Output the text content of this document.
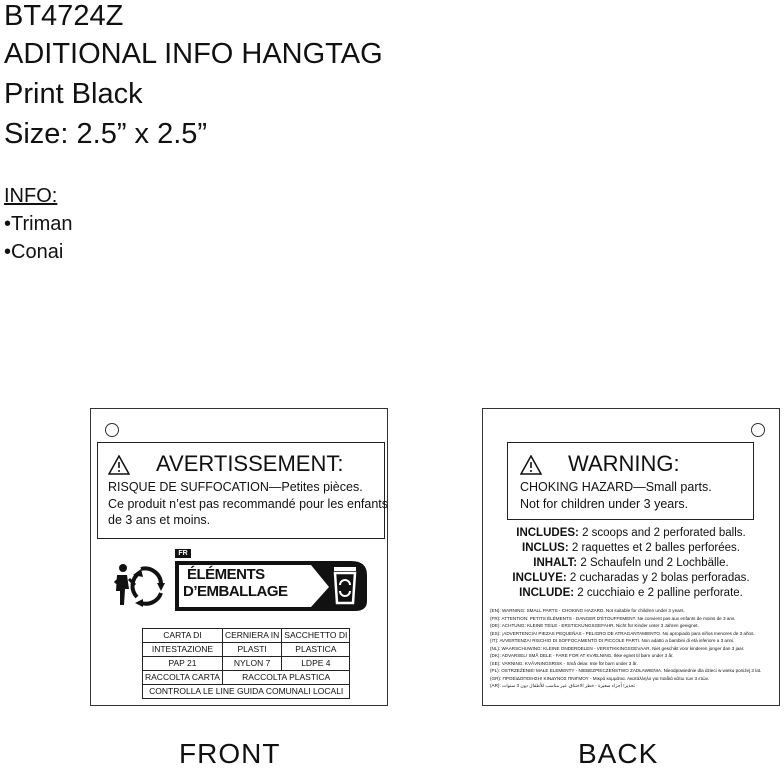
BT4724Z
ADITIONAL INFO HANGTAG
Print Black
Size: 2.5” x 2.5”
INFO:
•Triman
•Conai
AVERTISSEMENT:
RISQUE DE SUFFOCATION—Petites pièces.
Ce produit n’est pas recommandé pour les enfants
de 3 ans et moins.
FR
ÉLÉMENTS
D’EMBALLAGE
CARTA DI	CERNIERA IN	SACCHETTO DI
INTESTAZIONE	PLASTI	PLASTICA
PAP 21	NYLON 7	LDPE 4
RACCOLTA CARTA	RACCOLTA PLASTICA	
CONTROLLA LE LINE GUIDA COMUNALI LOCALI		
WARNING:
CHOKING HAZARD—Small parts.
Not for children under 3 years.
INCLUDES: 2 scoops and 2 perforated balls.
INCLUS: 2 raquettes et 2 balles perforées.
INHALT: 2 Schaufeln und 2 Lochbälle.
INCLUYE: 2 cucharadas y 2 bolas perforadas.
INCLUDE: 2 cucchiaio e 2 palline perforate.
(EN): WARNING: SMALL PARTS - CHOKING HAZARD. Not suitable for children under 3 years.
(FR): ATTENTION: PETITS ÉLÉMENTS - DANGER D'ÉTOUFFEMENT. Ne convient pas aux enfants de moins de 3 ans.
(DE): ACHTUNG: KLEINE TEILE - ERSTICKUNGSGEFAHR. Nicht für Kinder unter 3 Jahren geeignet.
(ES): ¡ADVERTENCIA! PIEZAS PEQUEÑAS - PELIGRO DE ATRAGANTAMIENTO. No apropiado para niños menores de 3 años.
(IT): AVVERTENZA! RISCHIO DI SOFFOCAMENTO DI PICCOLE PARTI. Non adatto a bambini di età inferiore a 3 anni.
(NL): WAARSCHUWING: KLEINE ONDERDELEN - VERSTIKKINGSGEVAAR. Niet geschikt voor kinderen jonger dan 3 jaar.
(DK): ADVARSEL! SMÅ DELE - FARE FOR AT KVÆLNING. Ikke egnet til børn under 3 år.
(SE): VARNING: KVÄVNINGSRISK - Små delar. Inte för barn under 3 år.
(PL): OSTRZEŻENIE! MAŁE ELEMENTY - NIEBEZPIECZEŃSTWO ZADŁAWIENIA. Nieodpowiednie dla dzieci w wieku poniżej 3 lat.
(GR): ΠΡΟΕΙΔΟΠΟΙΗΣΗ! ΚΙΝΔΥΝΟΣ ΠΝΙΓΜΟΥ - Μικρά κομμάτια. Ακατάλληλο για παιδιά κάτω των 3 ετών.
(AR): تحذير! أجزاء صغيرة - خطر الاختناق. غير مناسب للأطفال دون 3 سنوات
FRONT	BACK
